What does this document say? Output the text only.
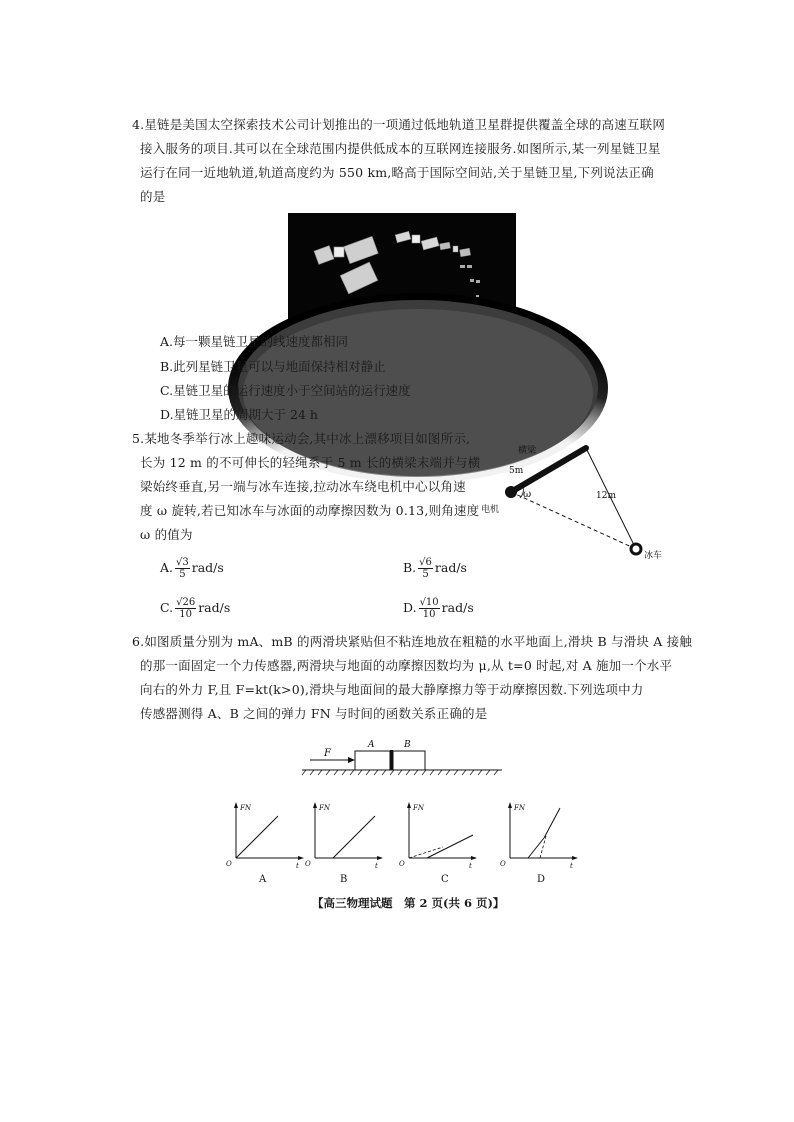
4.星链是美国太空探索技术公司计划推出的一项通过低地轨道卫星群提供覆盖全球的高速互联网
接入服务的项目.其可以在全球范围内提供低成本的互联网连接服务.如图所示,某一列星链卫星
运行在同一近地轨道,轨道高度约为 550 km,略高于国际空间站,关于星链卫星,下列说法正确
的是
A.每一颗星链卫星的线速度都相同
B.此列星链卫星可以与地面保持相对静止
C.星链卫星的运行速度小于空间站的运行速度
D.星链卫星的周期大于 24 h
5.某地冬季举行冰上趣味运动会,其中冰上漂移项目如图所示,
长为 12 m 的不可伸长的轻绳系于 5 m 长的横梁末端并与横
梁始终垂直,另一端与冰车连接,拉动冰车绕电机中心以角速
度 ω 旋转,若已知冰车与冰面的动摩擦因数为 0.13,则角速度
ω 的值为
A. $\frac{√3}{5} rad/s$	B. $\frac{√6}{5} rad/s$
C. $\frac{√26}{10} rad/s$	D. $\frac{√10}{10} rad/s$
横梁
5m
12m
ω
电机
冰车
6.如图质量分别为 mA、mB 的两滑块紧贴但不粘连地放在粗糙的水平地面上,滑块 B 与滑块 A 接触
的那一面固定一个力传感器,两滑块与地面的动摩擦因数均为 μ,从 t=0 时起,对 A 施加一个水平
向右的外力 F,且 F=kt(k>0),滑块与地面间的最大静摩擦力等于动摩擦因数.下列选项中力
传感器测得 A、B 之间的弹力 FN 与时间的函数关系正确的是
F
A	B
FN
t
O
A
FN
t
O
B
FN
t
O
C
FN
t
O
D
【高三物理试题　第 2 页(共 6 页)】
